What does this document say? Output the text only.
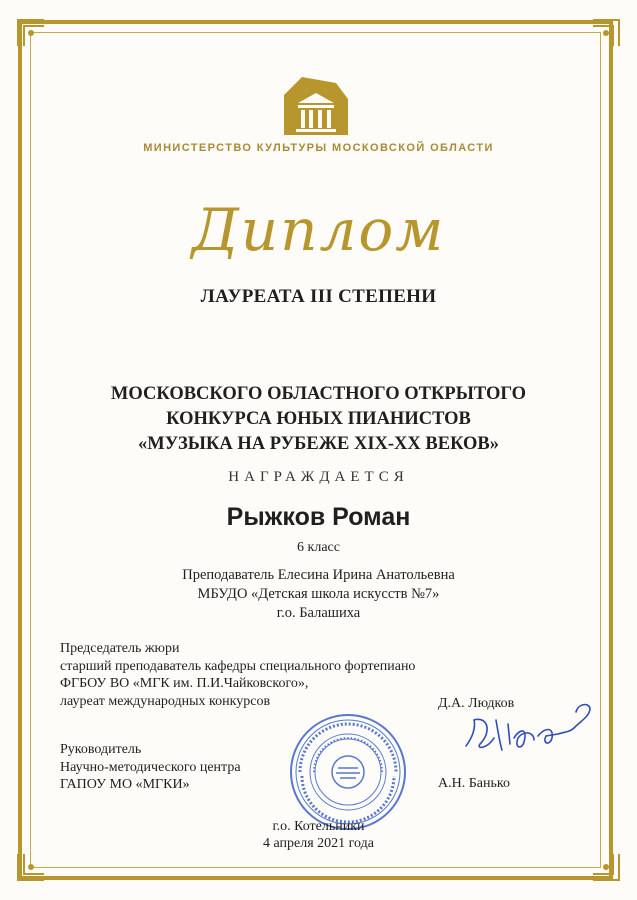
МИНИСТЕРСТВО КУЛЬТУРЫ МОСКОВСКОЙ ОБЛАСТИ
Диплом
ЛАУРЕАТА III СТЕПЕНИ
МОСКОВСКОГО ОБЛАСТНОГО ОТКРЫТОГО
КОНКУРСА ЮНЫХ ПИАНИСТОВ
«МУЗЫКА НА РУБЕЖЕ XIX-XX ВЕКОВ»
НАГРАЖДАЕТСЯ
Рыжков Роман
6 класс
Преподаватель Елесина Ирина Анатольевна
МБУДО «Детская школа искусств №7»
г.о. Балашиха
Председатель жюри
старший преподаватель кафедры специального фортепиано
ФГБОУ ВО «МГК им. П.И.Чайковского»,
лауреат международных конкурсов	Д.А. Людков
Руководитель
Научно-методического центра
ГАПОУ МО «МГКИ»	А.Н. Банько
г.о. Котельники
4 апреля 2021 года
